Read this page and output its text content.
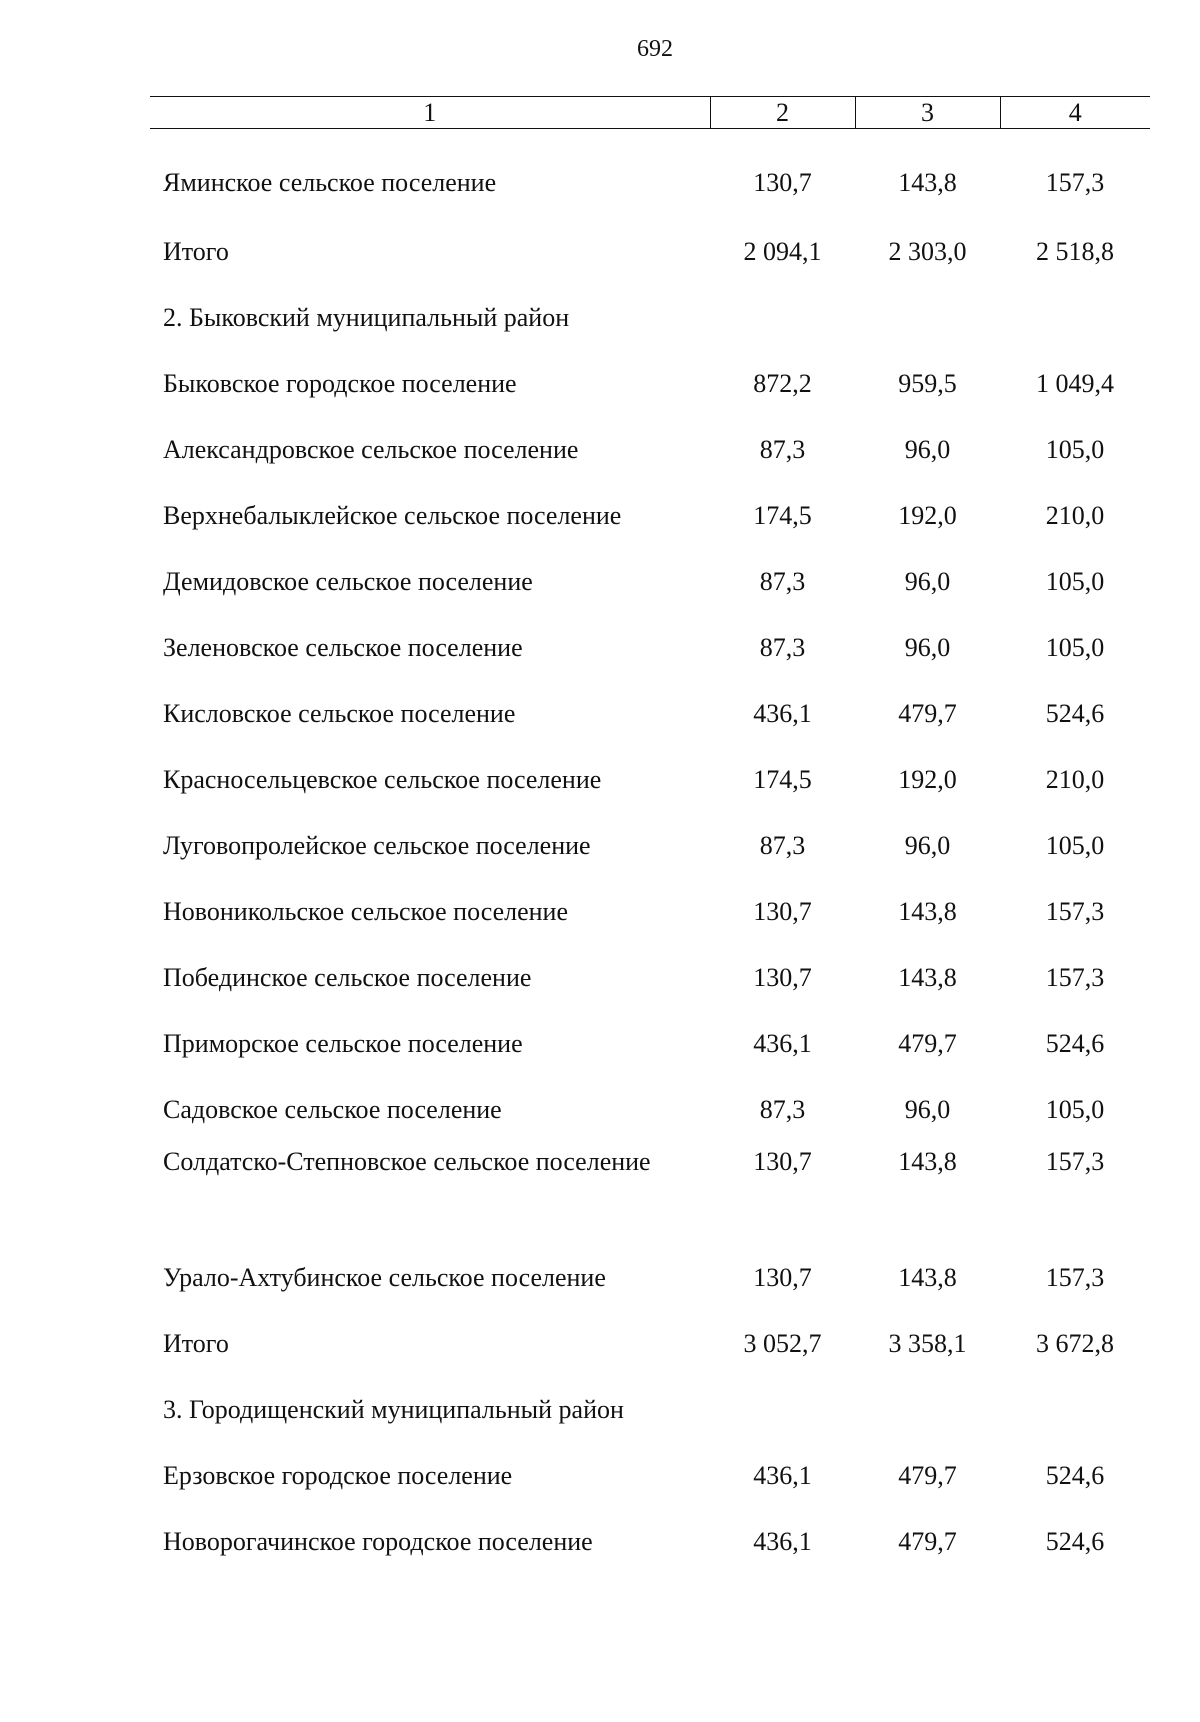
692
1	2	3	4
Яминское сельское поселение	130,7	143,8	157,3
Итого	2 094,1	2 303,0	2 518,8
2. Быковский муниципальный район			
Быковское городское поселение	872,2	959,5	1 049,4
Александровское сельское поселение	87,3	96,0	105,0
Верхнебалыклейское сельское поселение	174,5	192,0	210,0
Демидовское сельское поселение	87,3	96,0	105,0
Зеленовское сельское поселение	87,3	96,0	105,0
Кисловское сельское поселение	436,1	479,7	524,6
Красносельцевское сельское поселение	174,5	192,0	210,0
Луговопролейское сельское поселение	87,3	96,0	105,0
Новоникольское сельское поселение	130,7	143,8	157,3
Побединское сельское поселение	130,7	143,8	157,3
Приморское сельское поселение	436,1	479,7	524,6
Садовское сельское поселение	87,3	96,0	105,0
Солдатско-Степновское сельское поселение	130,7	143,8	157,3
Урало-Ахтубинское сельское поселение	130,7	143,8	157,3
Итого	3 052,7	3 358,1	3 672,8
3. Городищенский муниципальный район			
Ерзовское городское поселение	436,1	479,7	524,6
Новорогачинское городское поселение	436,1	479,7	524,6
